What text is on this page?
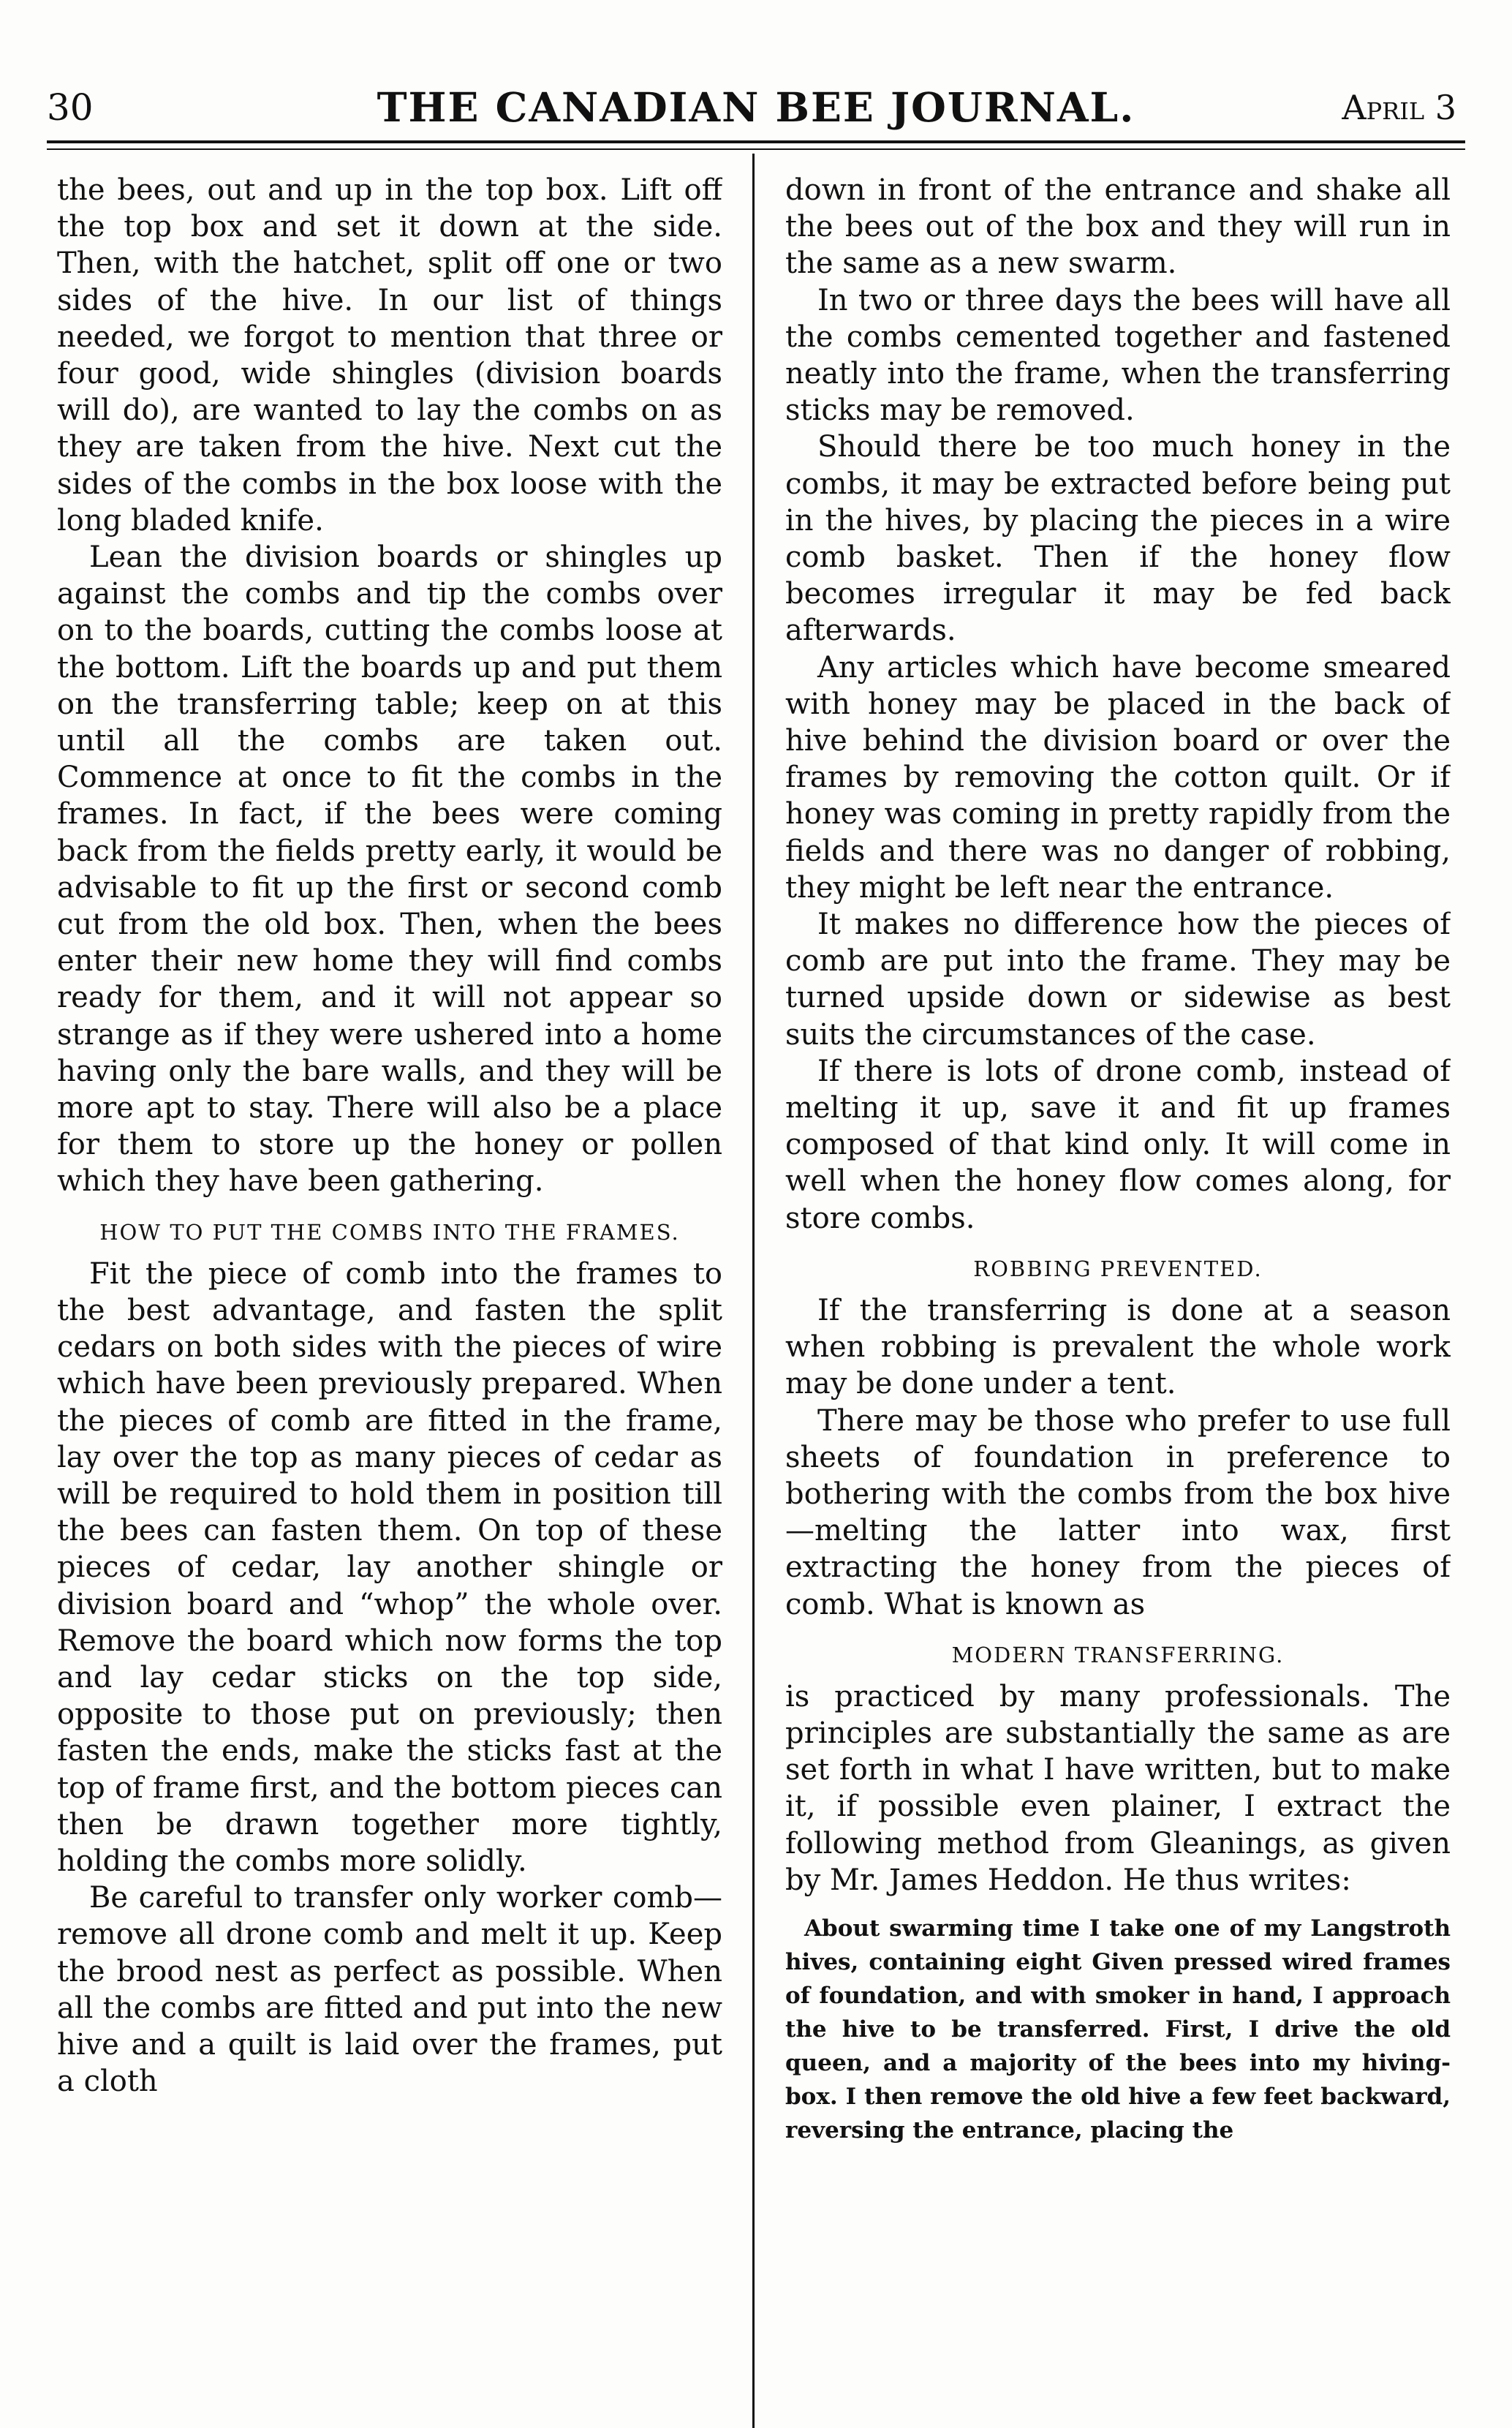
30	THE CANADIAN BEE JOURNAL.	April 3

the bees, out and up in the top box. Lift off the top box and set it down at the side. Then, with the hatchet, split off one or two sides of the hive. In our list of things needed, we forgot to mention that three or four good, wide shingles (division boards will do), are wanted to lay the combs on as they are taken from the hive. Next cut the sides of the combs in the box loose with the long bladed knife.

Lean the division boards or shingles up against the combs and tip the combs over on to the boards, cutting the combs loose at the bottom. Lift the boards up and put them on the transferring table; keep on at this until all the combs are taken out. Commence at once to fit the combs in the frames. In fact, if the bees were coming back from the fields pretty early, it would be advisable to fit up the first or second comb cut from the old box. Then, when the bees enter their new home they will find combs ready for them, and it will not appear so strange as if they were ushered into a home having only the bare walls, and they will be more apt to stay. There will also be a place for them to store up the honey or pollen which they have been gathering.

HOW TO PUT THE COMBS INTO THE FRAMES.

Fit the piece of comb into the frames to the best advantage, and fasten the split cedars on both sides with the pieces of wire which have been previously prepared. When the pieces of comb are fitted in the frame, lay over the top as many pieces of cedar as will be required to hold them in position till the bees can fasten them. On top of these pieces of cedar, lay another shingle or division board and “whop” the whole over. Remove the board which now forms the top and lay cedar sticks on the top side, opposite to those put on previously; then fasten the ends, make the sticks fast at the top of frame first, and the bottom pieces can then be drawn together more tightly, holding the combs more solidly.

Be careful to transfer only worker comb—remove all drone comb and melt it up. Keep the brood nest as perfect as possible. When all the combs are fitted and put into the new hive and a quilt is laid over the frames, put a cloth

down in front of the entrance and shake all the bees out of the box and they will run in the same as a new swarm.

In two or three days the bees will have all the combs cemented together and fastened neatly into the frame, when the transferring sticks may be removed.

Should there be too much honey in the combs, it may be extracted before being put in the hives, by placing the pieces in a wire comb basket. Then if the honey flow becomes irregular it may be fed back afterwards.

Any articles which have become smeared with honey may be placed in the back of hive behind the division board or over the frames by removing the cotton quilt. Or if honey was coming in pretty rapidly from the fields and there was no danger of robbing, they might be left near the entrance.

It makes no difference how the pieces of comb are put into the frame. They may be turned upside down or sidewise as best suits the circumstances of the case.

If there is lots of drone comb, instead of melting it up, save it and fit up frames composed of that kind only. It will come in well when the honey flow comes along, for store combs.

ROBBING PREVENTED.

If the transferring is done at a season when robbing is prevalent the whole work may be done under a tent.

There may be those who prefer to use full sheets of foundation in preference to bothering with the combs from the box hive—melting the latter into wax, first extracting the honey from the pieces of comb. What is known as

MODERN TRANSFERRING.

is practiced by many professionals. The principles are substantially the same as are set forth in what I have written, but to make it, if possible even plainer, I extract the following method from Gleanings, as given by Mr. James Heddon. He thus writes:

About swarming time I take one of my Langstroth hives, containing eight Given pressed wired frames of foundation, and with smoker in hand, I approach the hive to be transferred. First, I drive the old queen, and a majority of the bees into my hiving-box. I then remove the old hive a few feet backward, reversing the entrance, placing the
